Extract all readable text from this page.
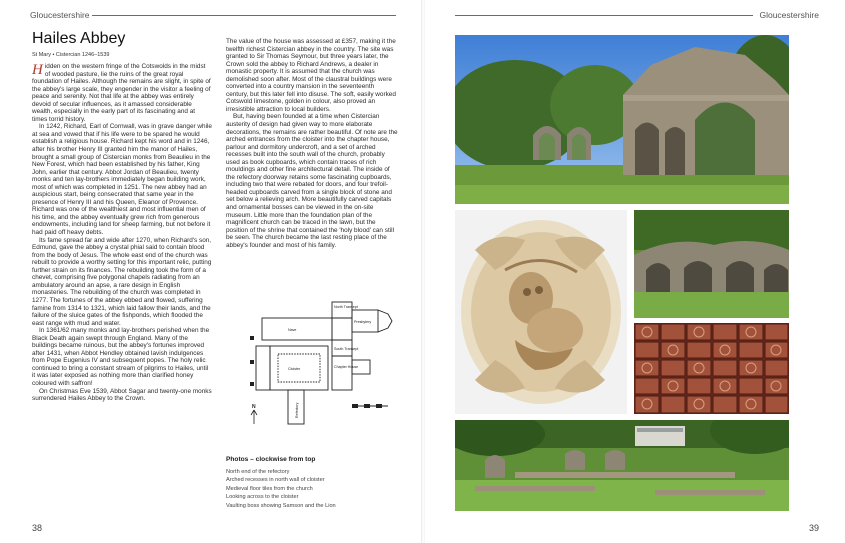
Gloucestershire	Gloucestershire
Hailes Abbey
St Mary • Cistercian 1246–1539

Hidden on the western fringe of the Cotswolds in the midst of wooded pasture, lie the ruins of the great royal foundation of Hailes. Although the remains are slight, in spite of the abbey's large scale, they engender in the visitor a feeling of peace and serenity. Not that life at the abbey was entirely devoid of secular influences, as it amassed considerable wealth, especially in the early part of its fascinating and at times torrid history.

In 1242, Richard, Earl of Cornwall, was in grave danger while at sea and vowed that if his life were to be spared he would establish a religious house. Richard kept his word and in 1246, after his brother Henry III granted him the manor of Hailes, brought a small group of Cistercian monks from Beaulieu in the New Forest, which had been established by his father, King John, earlier that century. Abbot Jordan of Beaulieu, twenty monks and ten lay-brothers immediately began building work, most of which was completed in 1251. The new abbey had an auspicious start, being consecrated that same year in the presence of Henry III and his Queen, Eleanor of Provence. Richard was one of the wealthiest and most influential men of his time, and the abbey eventually grew rich from generous endowments, including land for sheep farming, but not before it had paid off heavy debts.

Its fame spread far and wide after 1270, when Richard's son, Edmund, gave the abbey a crystal phial said to contain blood from the body of Jesus. The whole east end of the church was rebuilt to provide a worthy setting for this important relic, putting further strain on its finances. The rebuilding took the form of a chevet, comprising five polygonal chapels radiating from an ambulatory around an apse, a rare design in English monasteries. The rebuilding of the church was completed in 1277. The fortunes of the abbey ebbed and flowed, suffering famine from 1314 to 1321, which laid fallow their lands, and the failure of the sluice gates of the fishponds, which flooded the east range with mud and water.

In 1361/62 many monks and lay-brothers perished when the Black Death again swept through England. Many of the buildings became ruinous, but the abbey's fortunes improved after 1431, when Abbot Hendley obtained lavish indulgences from Pope Eugenius IV and subsequent popes. The holy relic continued to bring a constant stream of pilgrims to Hailes, until it was later exposed as nothing more than clarified honey coloured with saffron!

On Christmas Eve 1539, Abbot Sagar and twenty-one monks surrendered Hailes Abbey to the Crown.

The value of the house was assessed at £357, making it the twelfth richest Cistercian abbey in the country. The site was granted to Sir Thomas Seymour, but three years later, the Crown sold the abbey to Richard Andrews, a dealer in monastic property. It is assumed that the church was demolished soon after. Most of the claustral buildings were converted into a country mansion in the seventeenth century, but this later fell into disuse. The soft, easily worked Cotswold limestone, golden in colour, also proved an irresistible attraction to local builders.

But, having been founded at a time when Cistercian austerity of design had given way to more elaborate decorations, the remains are rather beautiful. Of note are the arched entrances from the cloister into the chapter house, parlour and dormitory undercroft, and a set of arched recesses built into the south wall of the church, probably used as book cupboards, which contain traces of rich mouldings and other fine architectural detail. The inside of the refectory doorway retains some fascinating cupboards, including two that were rebated for doors, and four trefoil-headed cupboards carved from a single block of stone and set below a relieving arch. More beautifully carved capitals and ornamental bosses can be viewed in the on-site museum. Little more than the foundation plan of the magnificent church can be traced in the lawn, but the position of the shrine that contained the 'holy blood' can still be seen. The church became the last resting place of the abbey's founder and most of his family.

North Transept
Presbytery
Nave
South Transept
Chapter House
Cloister
Refectory
N
Photos – clockwise from top
North end of the refectory
Arched recesses in north wall of cloister
Medieval floor tiles from the church
Looking across to the cloister
Vaulting boss showing Samson and the Lion
38	39
